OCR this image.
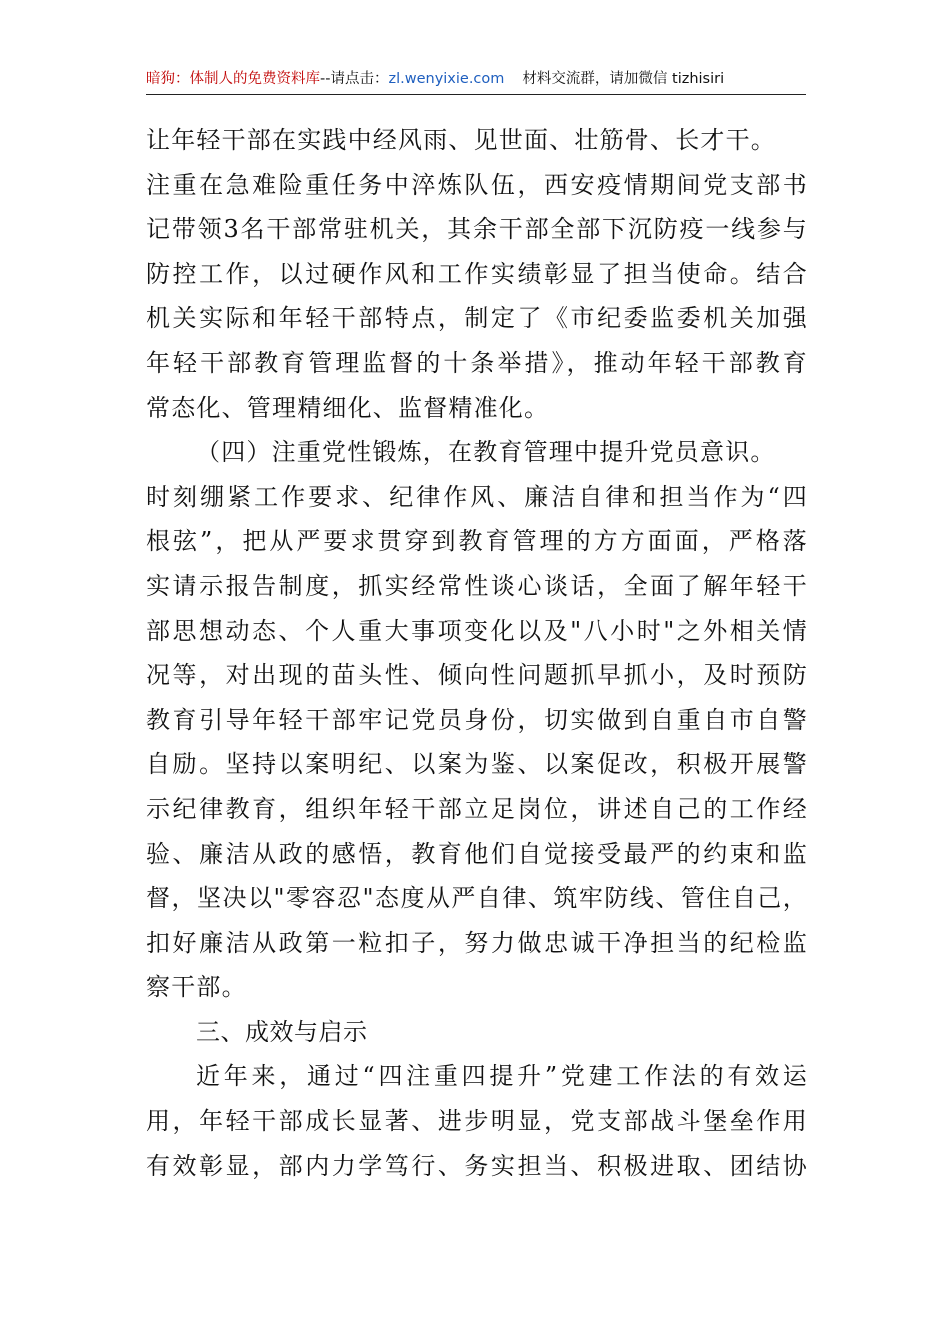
暗狗：体制人的免费资料库--请点击：zl.wenyixie.com 材料交流群，请加微信 tizhisiri
让年轻干部在实践中经风雨、见世面、壮筋骨、长才干。
注重在急难险重任务中淬炼队伍，西安疫情期间党支部书
记带领3名干部常驻机关，其余干部全部下沉防疫一线参与
防控工作，以过硬作风和工作实绩彰显了担当使命。结合
机关实际和年轻干部特点，制定了《市纪委监委机关加强
年轻干部教育管理监督的十条举措》，推动年轻干部教育
常态化、管理精细化、监督精准化。
（四）注重党性锻炼，在教育管理中提升党员意识。
时刻绷紧工作要求、纪律作风、廉洁自律和担当作为“四
根弦”，把从严要求贯穿到教育管理的方方面面，严格落
实请示报告制度，抓实经常性谈心谈话，全面了解年轻干
部思想动态、个人重大事项变化以及"八小时"之外相关情
况等，对出现的苗头性、倾向性问题抓早抓小，及时预防
教育引导年轻干部牢记党员身份，切实做到自重自市自警
自励。坚持以案明纪、以案为鉴、以案促改，积极开展警
示纪律教育，组织年轻干部立足岗位，讲述自己的工作经
验、廉洁从政的感悟，教育他们自觉接受最严的约束和监
督，坚决以"零容忍"态度从严自律、筑牢防线、管住自己，
扣好廉洁从政第一粒扣子，努力做忠诚干净担当的纪检监
察干部。
三、成效与启示
近年来，通过“四注重四提升”党建工作法的有效运
用，年轻干部成长显著、进步明显，党支部战斗堡垒作用
有效彰显，部内力学笃行、务实担当、积极进取、团结协
